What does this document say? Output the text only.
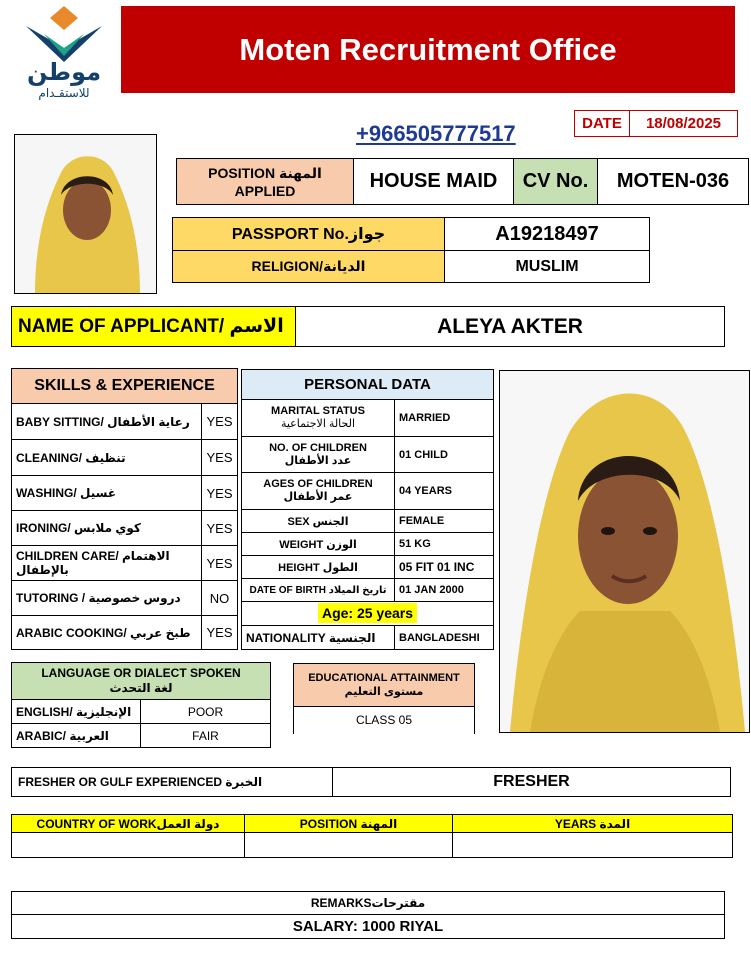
موطن
للاستقـدام
Moten Recruitment Office
+966505777517	DATE	18/08/2025
POSITION المهنة APPLIED	HOUSE MAID	CV No.	MOTEN-036
PASSPORT No.جواز	A19218497
RELIGION/الديانة	MUSLIM
NAME OF APPLICANT/ الاسم	ALEYA AKTER
SKILLS & EXPERIENCE	
BABY SITTING/ رعاية الأطفال	YES
CLEANING/ تنظيف	YES
WASHING/ غسيل	YES
IRONING/ كوي ملابس	YES
CHILDREN CARE/ الاهتمام بالإطفال	YES
TUTORING / دروس خصوصية	NO
ARABIC COOKING/ طبخ عربي	YES
PERSONAL DATA	

MARITAL STATUS
الحالة الاجتماعية	MARRIED

NO. OF CHILDREN
عدد الأطفال	01 CHILD

AGES OF CHILDREN
عمر الأطفال	04 YEARS
SEX الجنس	FEMALE
WEIGHT الوزن	51 KG
HEIGHT الطول	05 FIT 01 INC
DATE OF BIRTH تاريخ الميلاد	01 JAN 2000
Age: 25 years	
NATIONALITY الجنسية	BANGLADESHI
LANGUAGE OR DIALECT SPOKEN
لغة التحدث	

ENGLISH/ الإنجليزية	POOR
ARABIC/ العربية	FAIR
EDUCATIONAL ATTAINMENT
مستوى التعليم
CLASS 05
FRESHER OR GULF EXPERIENCED الخبرة	FRESHER
COUNTRY OF WORKدولة العمل	POSITION المهنة	YEARS المدة

REMARKSمقترحات
SALARY: 1000 RIYAL
